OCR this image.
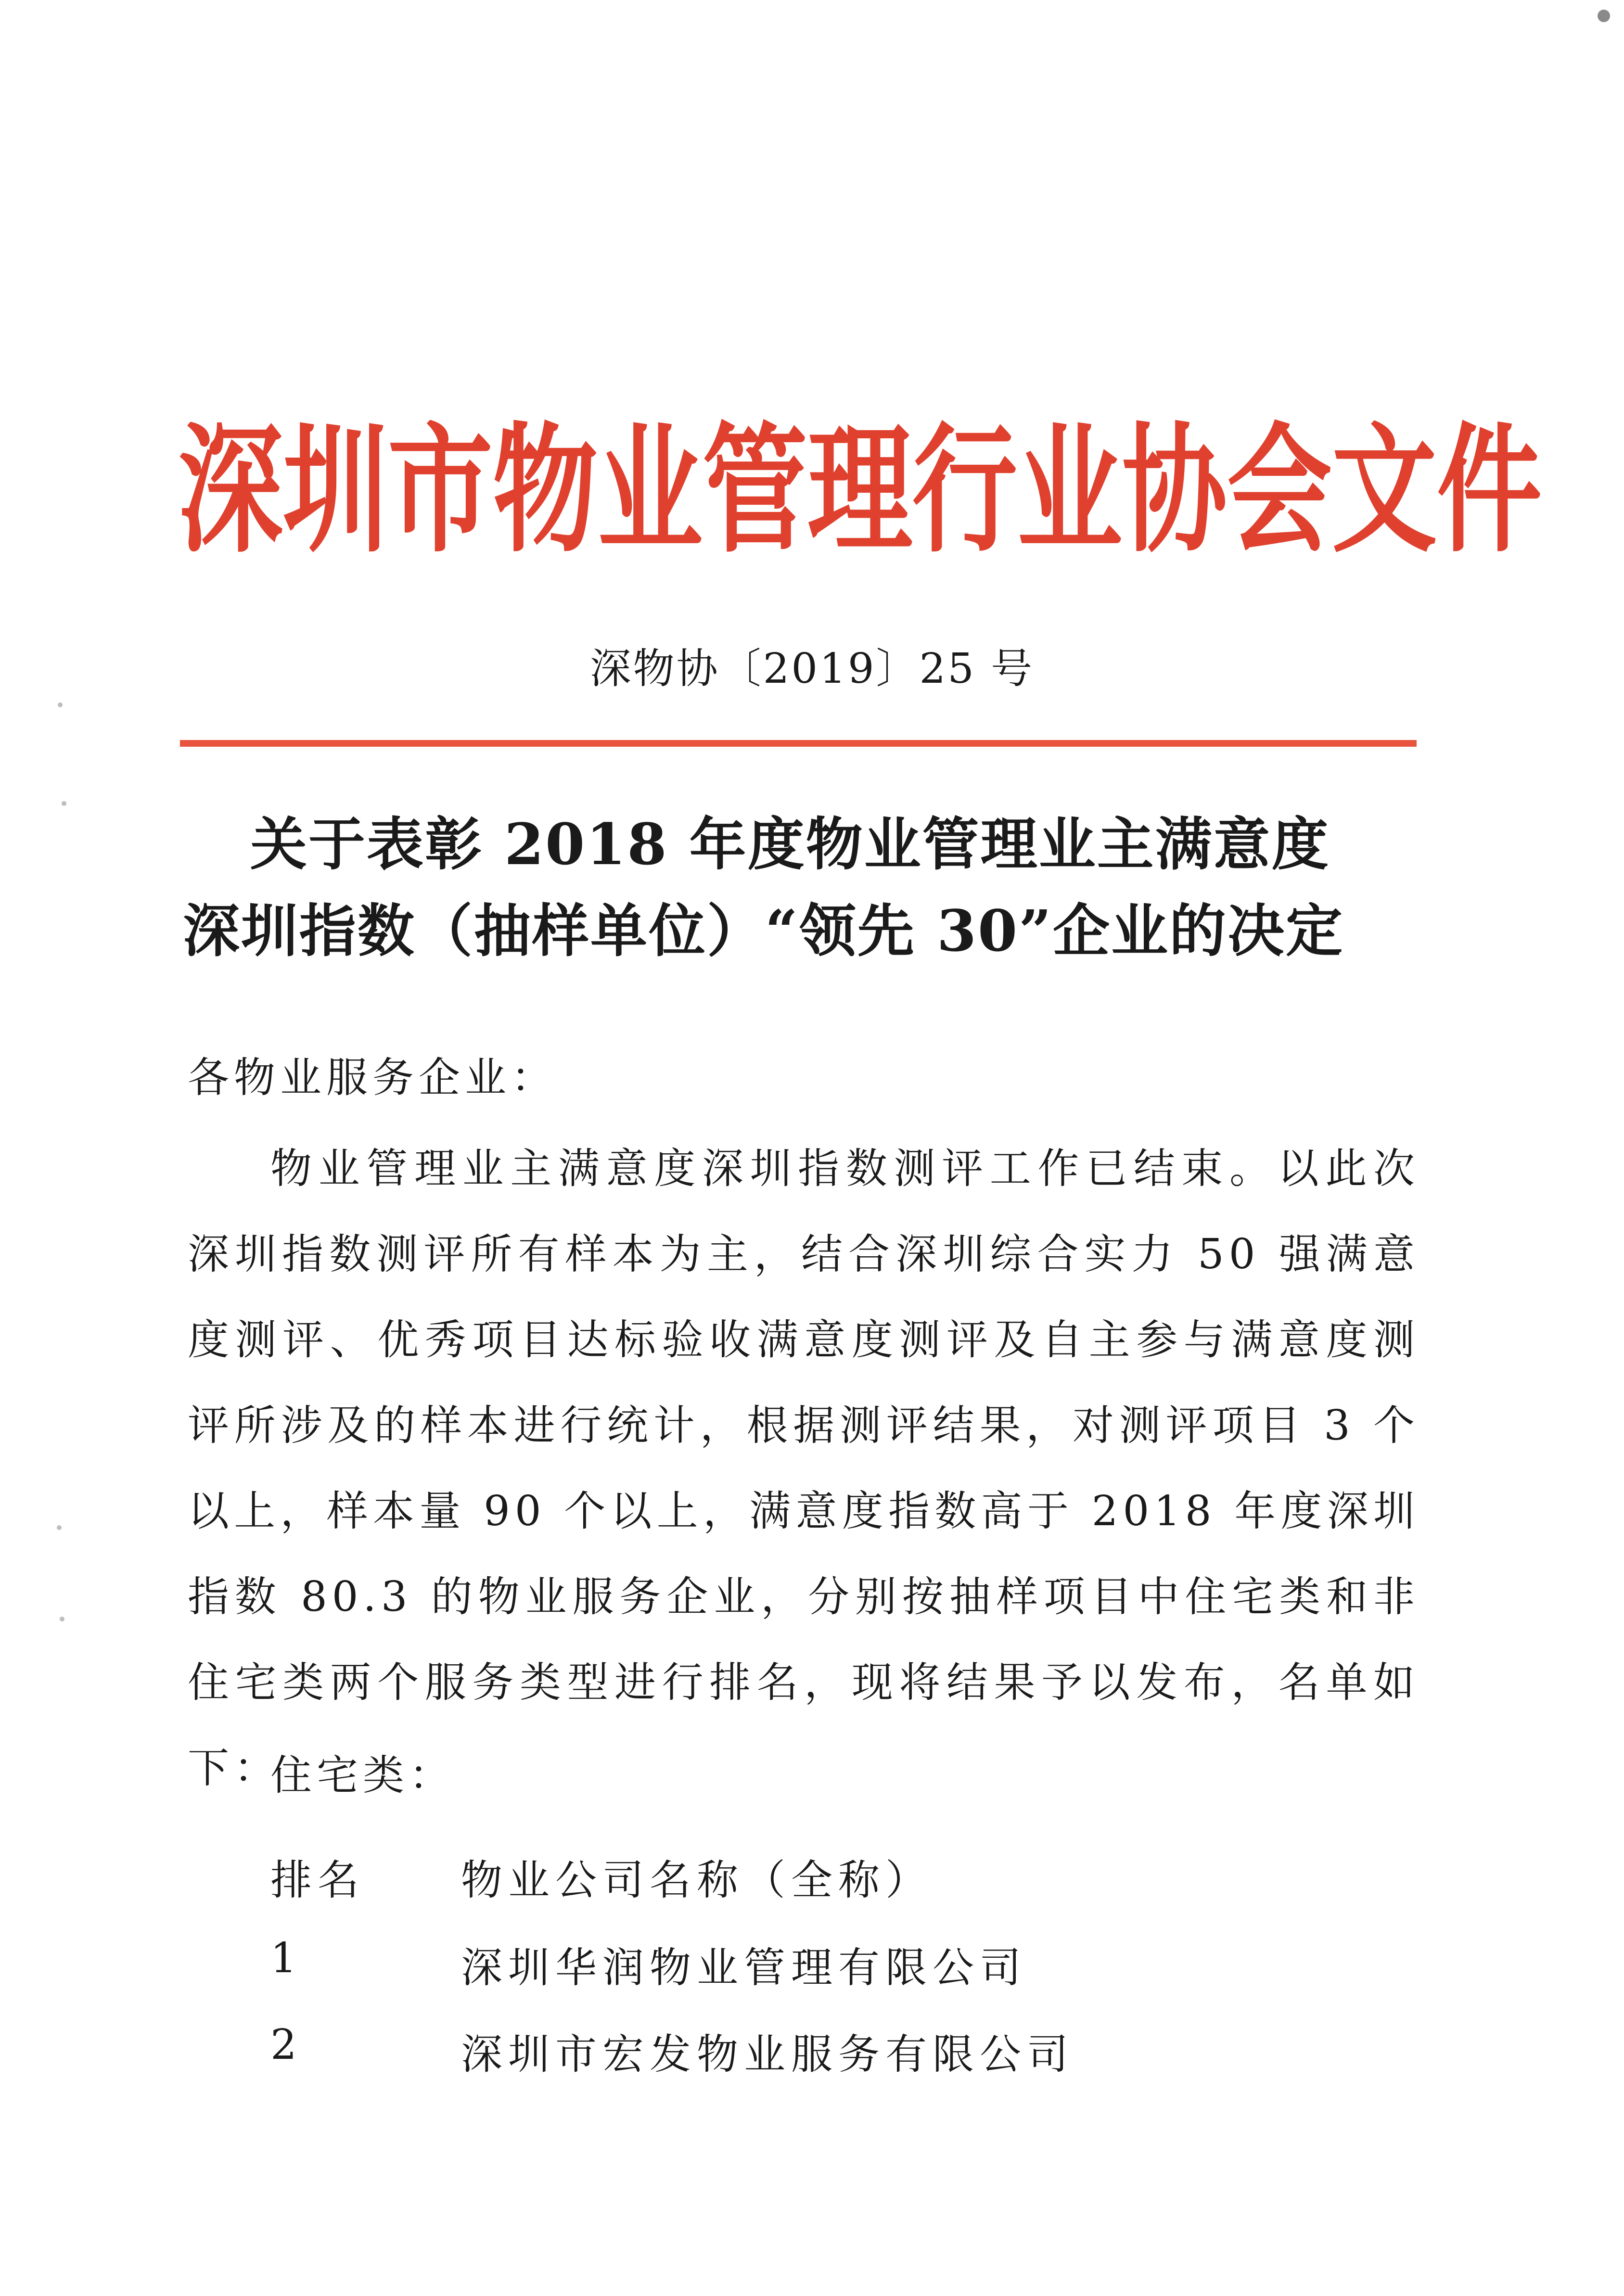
深 圳 市 物 业 管 理 行 业 协 会 文 件
深物协〔2019〕25 号
关于表彰 2018 年度物业管理业主满意度
深圳指数（抽样单位）“领先 30”企业的决定
各物业服务企业：
物业管理业主满意度深圳指数测评工作已结束。以此次深圳指数测评所有样本为主，结合深圳综合实力 50 强满意度测评、优秀项目达标验收满意度测评及自主参与满意度测评所涉及的样本进行统计，根据测评结果，对测评项目 3 个以上，样本量 90 个以上，满意度指数高于 2018 年度深圳指数 80.3 的物业服务企业，分别按抽样项目中住宅类和非住宅类两个服务类型进行排名，现将结果予以发布，名单如下：
住宅类：
排名 物业公司名称（全称）
1	深圳华润物业管理有限公司
2	深圳市宏发物业服务有限公司
